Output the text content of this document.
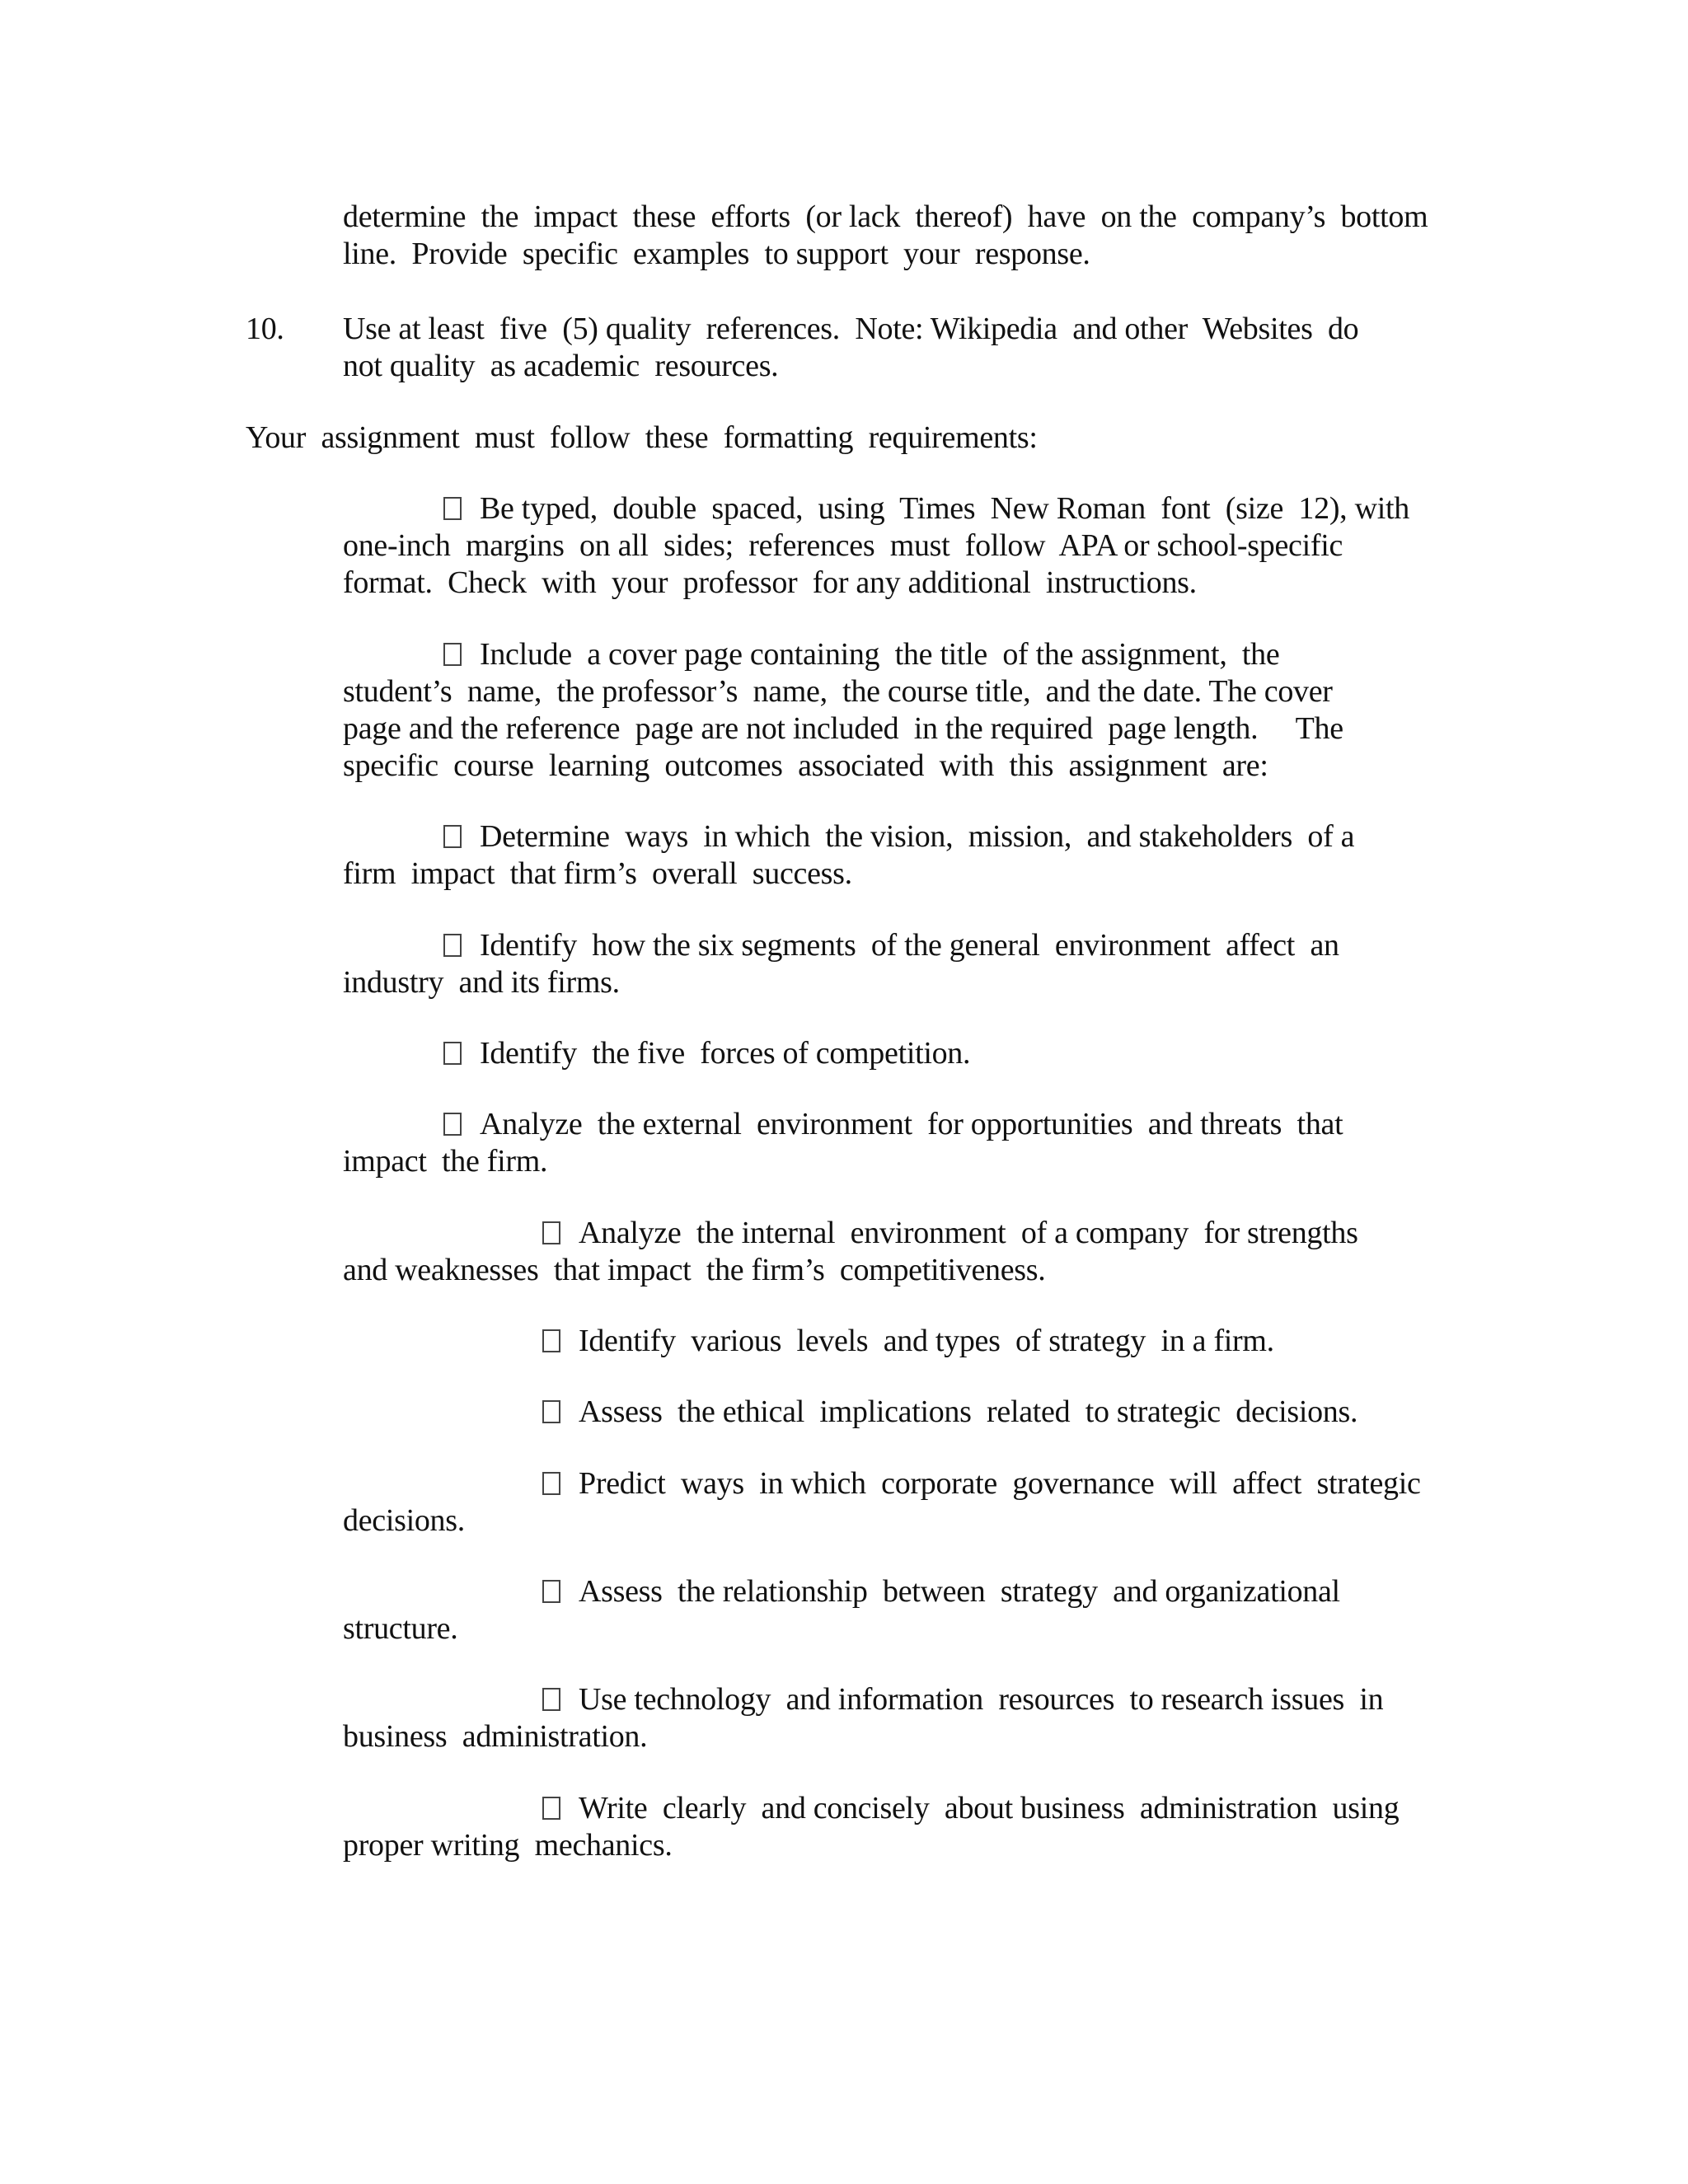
determine  the  impact  these  efforts  (or lack  thereof)  have  on the  company’s  bottom
line.  Provide  specific  examples  to support  your  response.
10. Use at least  five  (5) quality  references.  Note: Wikipedia  and other  Websites  do
not quality  as academic  resources.
Your  assignment  must  follow  these  formatting  requirements:
Be typed,  double  spaced,  using  Times  New Roman  font  (size  12), with
one-inch  margins  on all  sides;  references  must  follow  APA or school-specific
format.  Check  with  your  professor  for any additional  instructions.
Include  a cover page containing  the title  of the assignment,  the
student’s  name,  the professor’s  name,  the course title,  and the date. The cover
page and the reference  page are not included  in the required  page length.     The
specific  course  learning  outcomes  associated  with  this  assignment  are:
Determine  ways  in which  the vision,  mission,  and stakeholders  of a
firm  impact  that firm’s  overall  success.
Identify  how the six segments  of the general  environment  affect  an
industry  and its firms.
Identify  the five  forces of competition.
Analyze  the external  environment  for opportunities  and threats  that
impact  the firm.
Analyze  the internal  environment  of a company  for strengths
and weaknesses  that impact  the firm’s  competitiveness.
Identify  various  levels  and types  of strategy  in a firm.
Assess  the ethical  implications  related  to strategic  decisions.
Predict  ways  in which  corporate  governance  will  affect  strategic
decisions.
Assess  the relationship  between  strategy  and organizational
structure.
Use technology  and information  resources  to research issues  in
business  administration.
Write  clearly  and concisely  about business  administration  using
proper writing  mechanics.
